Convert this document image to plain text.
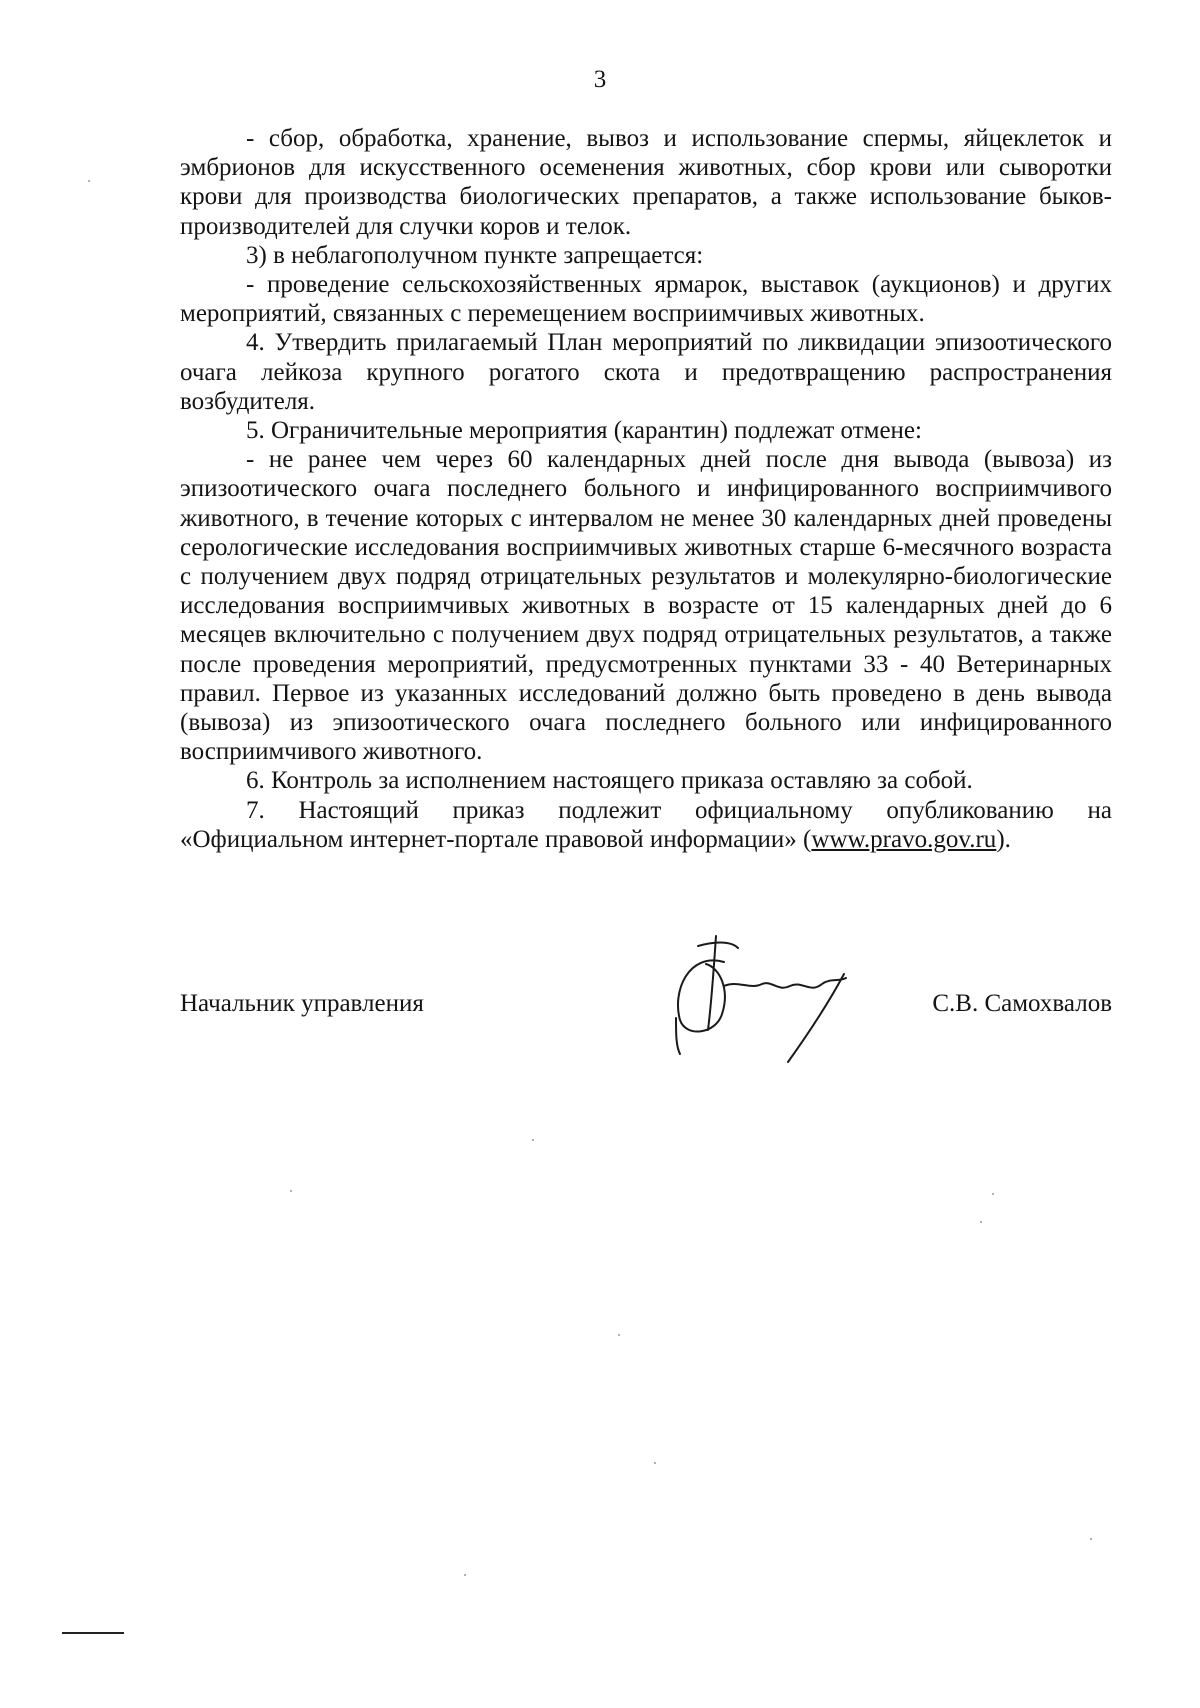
3

- сбор, обработка, хранение, вывоз и использование спермы, яйцеклеток и эмбрионов для искусственного осеменения животных, сбор крови или сыворотки крови для производства биологических препаратов, а также использование быков-производителей для случки коров и телок.

3) в неблагополучном пункте запрещается:

- проведение сельскохозяйственных ярмарок, выставок (аукционов) и других мероприятий, связанных с перемещением восприимчивых животных.

4. Утвердить прилагаемый План мероприятий по ликвидации эпизоотического очага лейкоза крупного рогатого скота и предотвращению распространения возбудителя.

5. Ограничительные мероприятия (карантин) подлежат отмене:

- не ранее чем через 60 календарных дней после дня вывода (вывоза) из эпизоотического очага последнего больного и инфицированного восприимчивого животного, в течение которых с интервалом не менее 30 календарных дней проведены серологические исследования восприимчивых животных старше 6-месячного возраста с получением двух подряд отрицательных результатов и молекулярно-биологические исследования восприимчивых животных в возрасте от 15 календарных дней до 6 месяцев включительно с получением двух подряд отрицательных результатов, а также после проведения мероприятий, предусмотренных пунктами 33 - 40 Ветеринарных правил. Первое из указанных исследований должно быть проведено в день вывода (вывоза) из эпизоотического очага последнего больного или инфицированного восприимчивого животного.

6. Контроль за исполнением настоящего приказа оставляю за собой.

7. Настоящий приказ подлежит официальному опубликованию на «Официальном интернет-портале правовой информации» (www.pravo.gov.ru).

Начальник управления	С.В. Самохвалов
